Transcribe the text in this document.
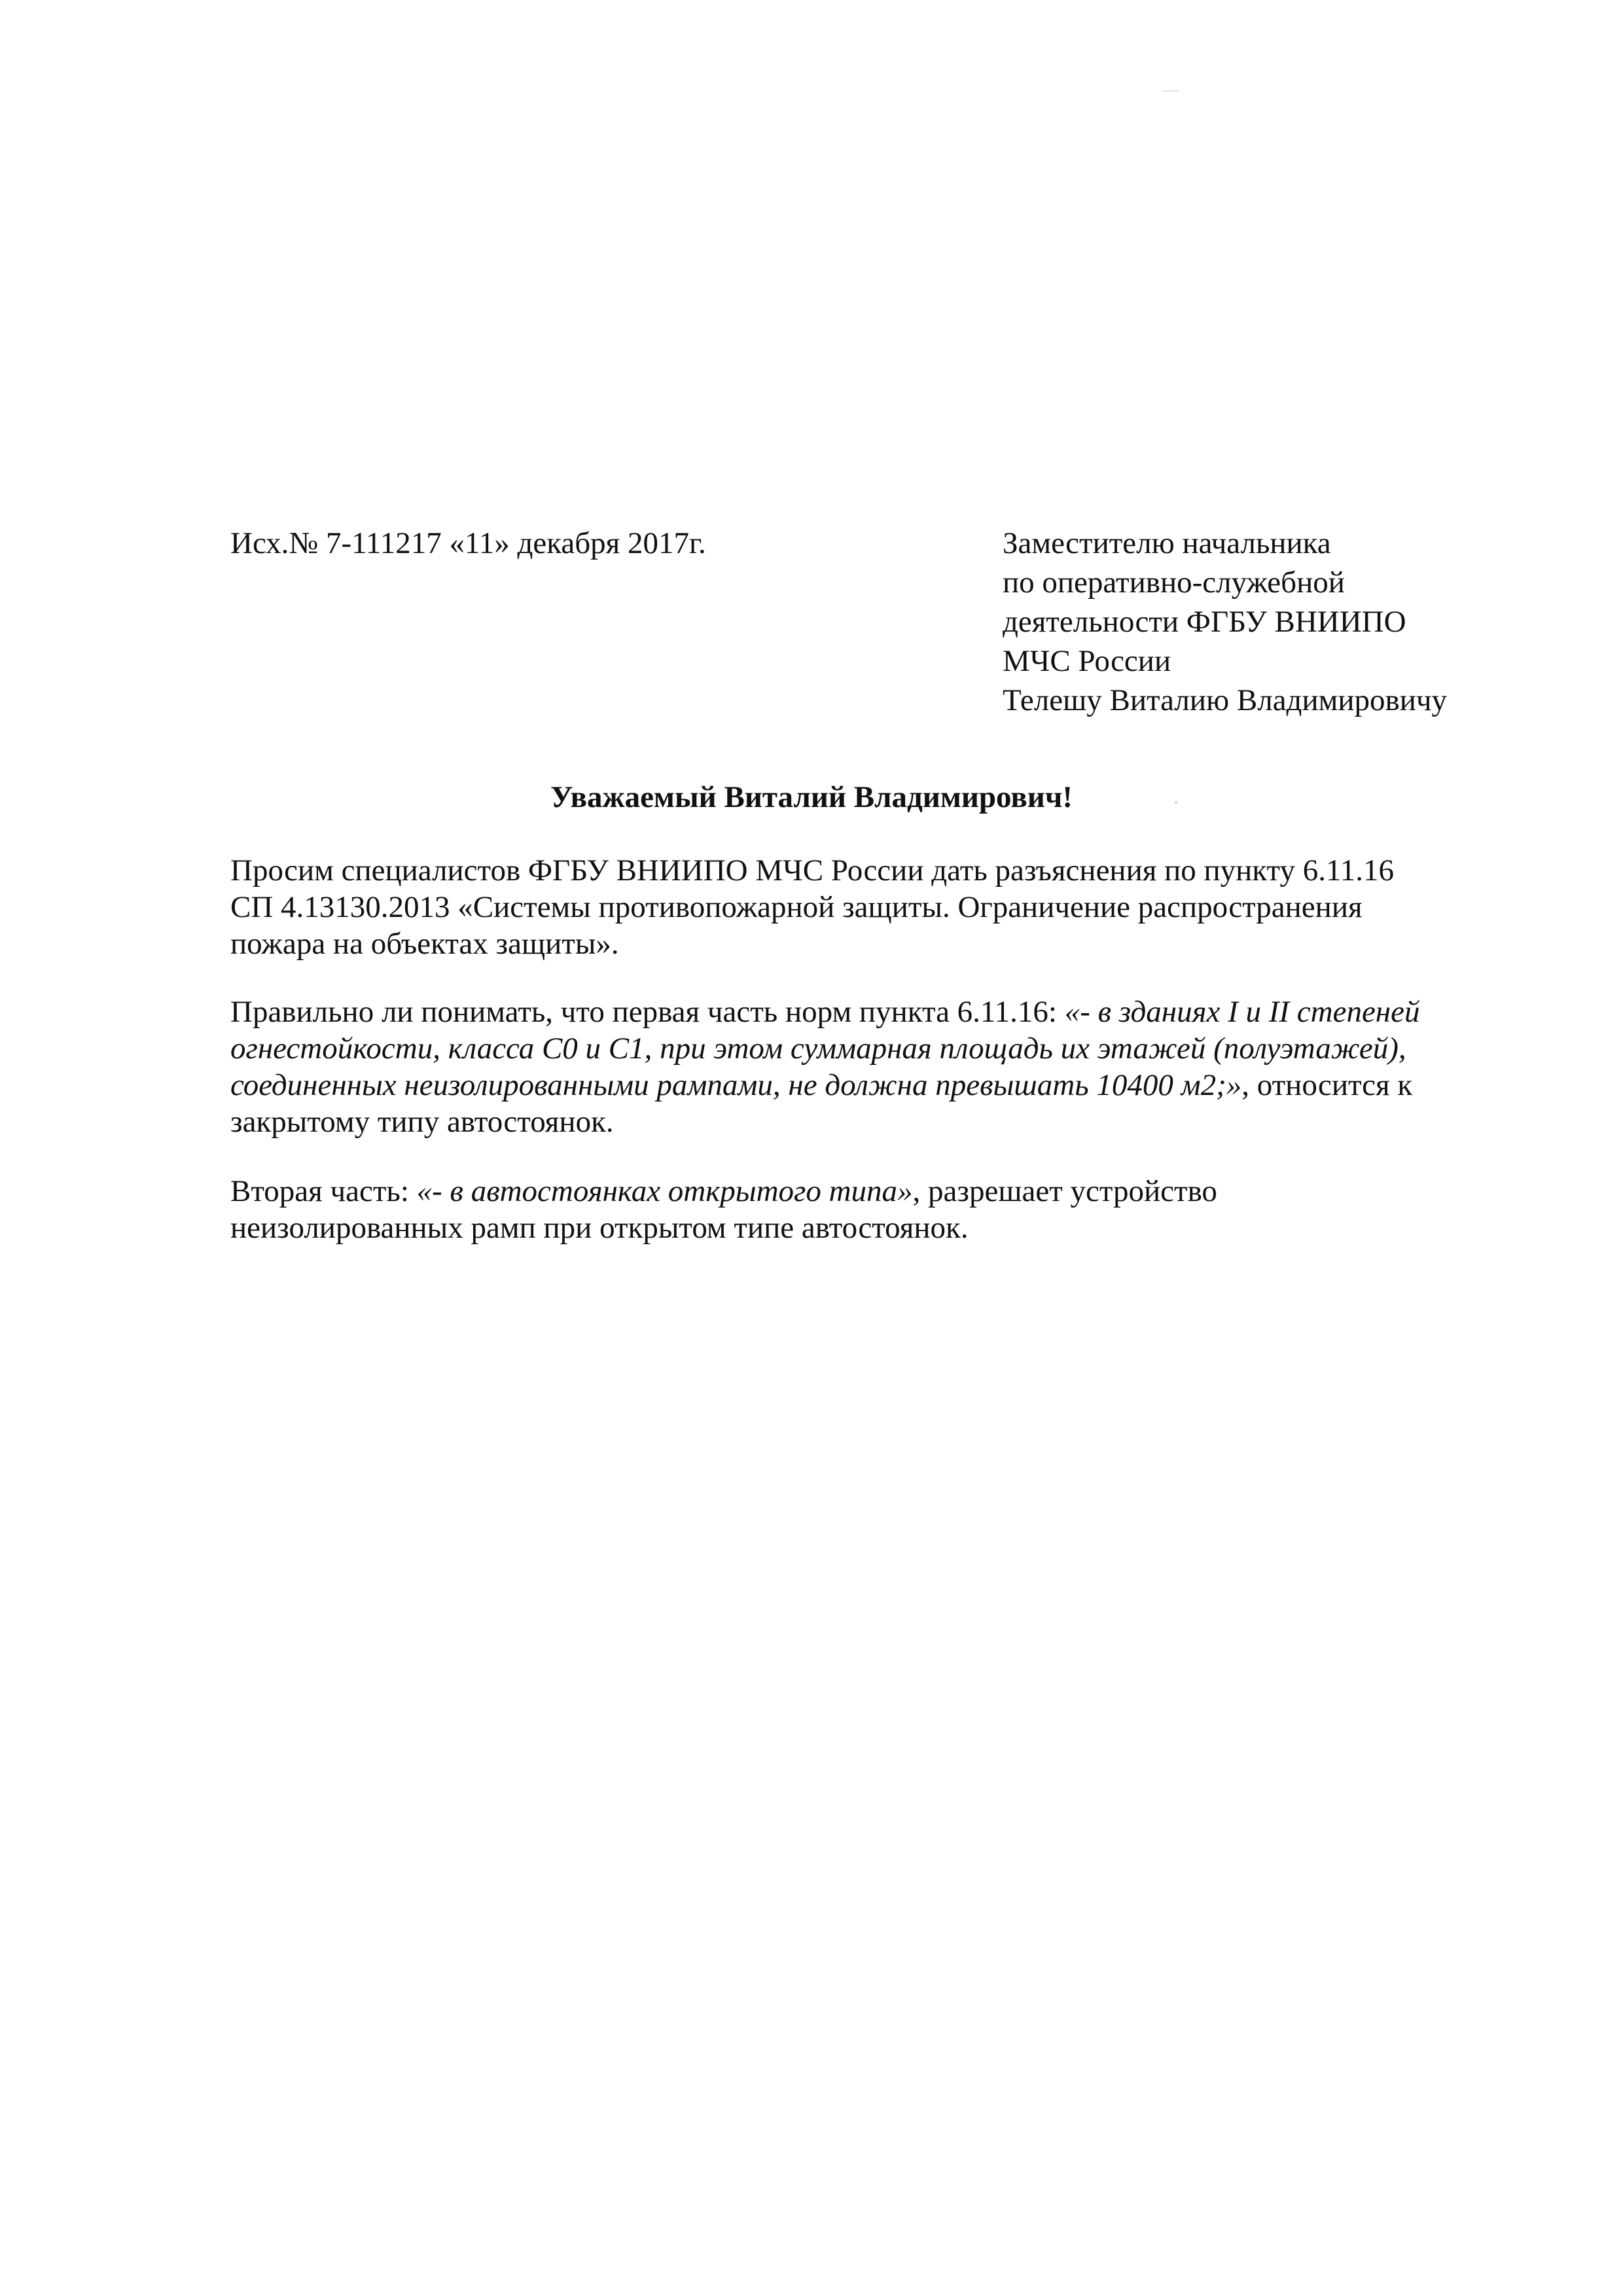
Исх.№ 7-111217 «11» декабря 2017г.	Заместителю начальника
по оперативно-служебной
деятельности ФГБУ ВНИИПО
МЧС России
Телешу Виталию Владимировичу
Уважаемый Виталий Владимирович!
Просим специалистов ФГБУ ВНИИПО МЧС России дать разъяснения по пункту 6.11.16
СП 4.13130.2013 «Системы противопожарной защиты. Ограничение распространения
пожара на объектах защиты».
Правильно ли понимать, что первая часть норм пункта 6.11.16: «- в зданиях I и II степеней
огнестойкости, класса С0 и С1, при этом суммарная площадь их этажей (полуэтажей),
соединенных неизолированными рампами, не должна превышать 10400 м2;», относится к
закрытому типу автостоянок.
Вторая часть: «- в автостоянках открытого типа», разрешает устройство
неизолированных рамп при открытом типе автостоянок.
